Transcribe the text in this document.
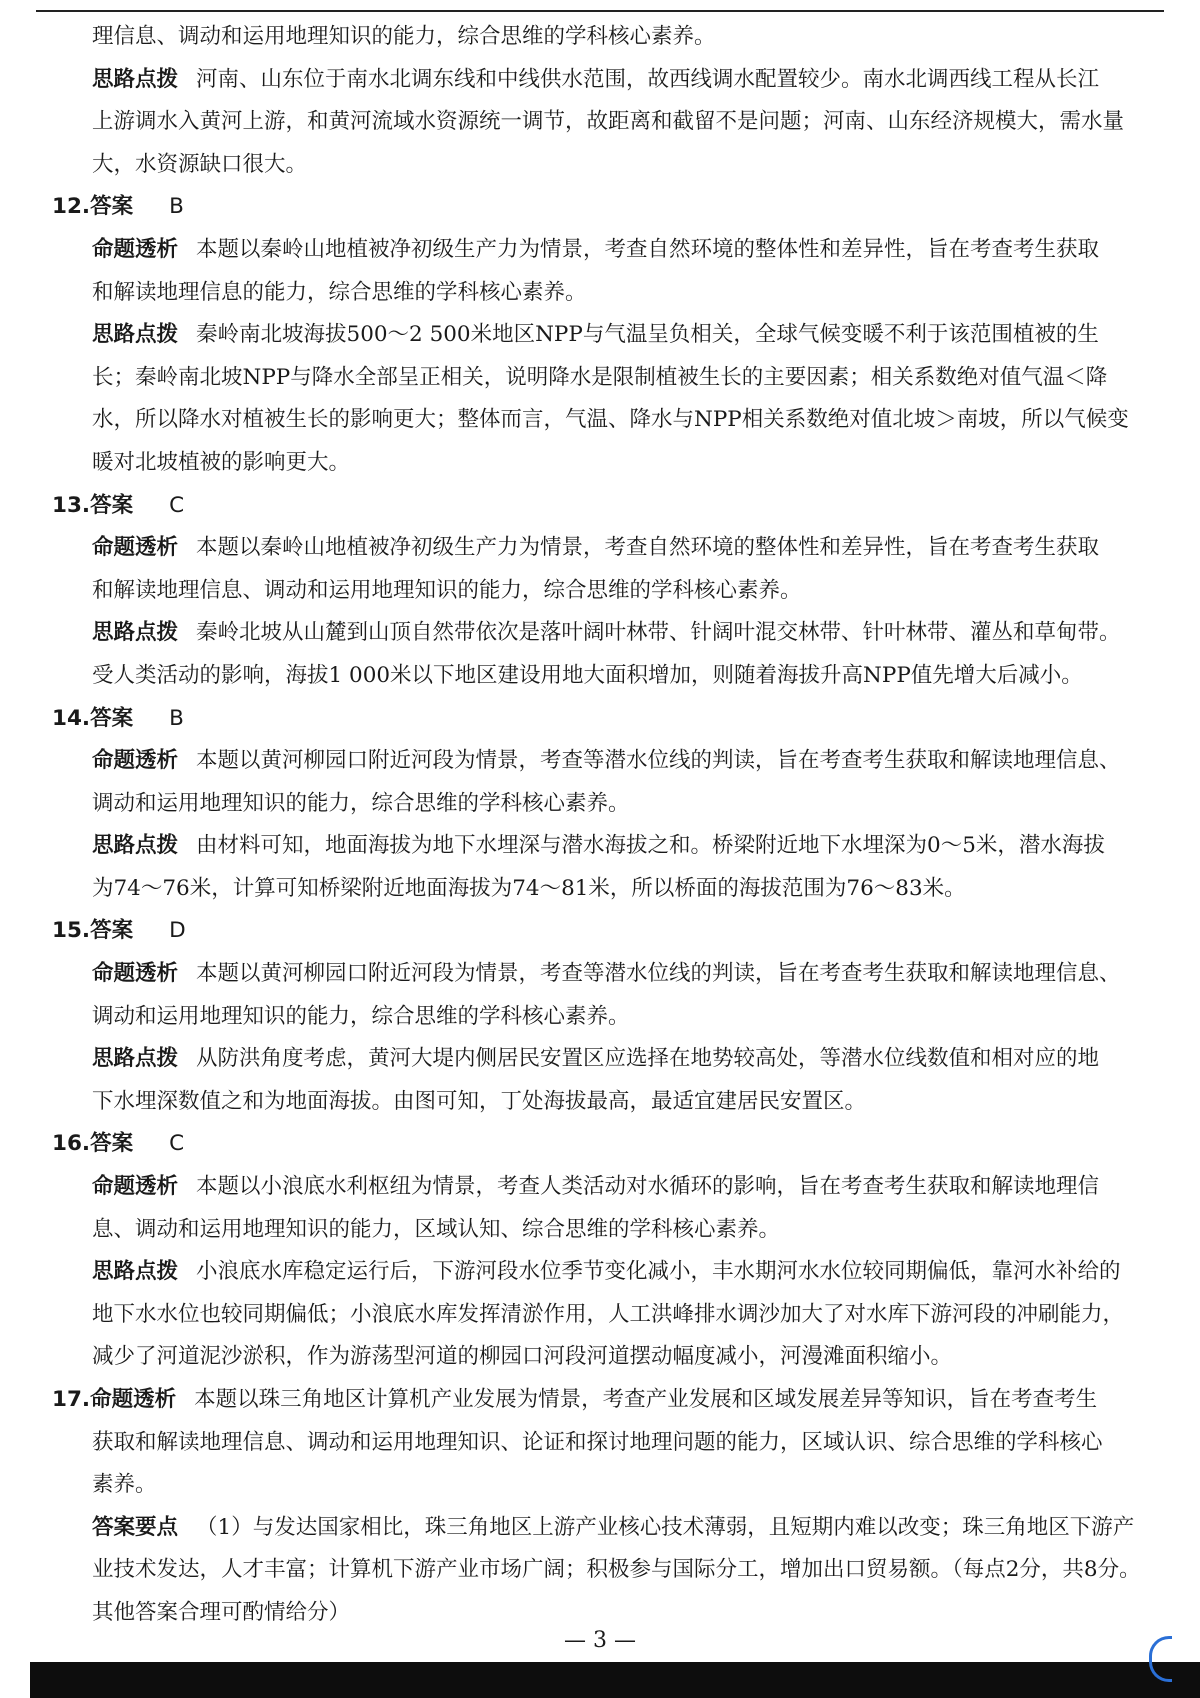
理信息、调动和运用地理知识的能力，综合思维的学科核心素养。
思路点拨 河南、山东位于南水北调东线和中线供水范围，故西线调水配置较少。南水北调西线工程从长江
上游调水入黄河上游，和黄河流域水资源统一调节，故距离和截留不是问题；河南、山东经济规模大，需水量
大，水资源缺口很大。
12.答案 B
命题透析 本题以秦岭山地植被净初级生产力为情景，考查自然环境的整体性和差异性，旨在考查考生获取
和解读地理信息的能力，综合思维的学科核心素养。
思路点拨 秦岭南北坡海拔500～2 500米地区NPP与气温呈负相关，全球气候变暖不利于该范围植被的生
长；秦岭南北坡NPP与降水全部呈正相关，说明降水是限制植被生长的主要因素；相关系数绝对值气温＜降
水，所以降水对植被生长的影响更大；整体而言，气温、降水与NPP相关系数绝对值北坡＞南坡，所以气候变
暖对北坡植被的影响更大。
13.答案 C
命题透析 本题以秦岭山地植被净初级生产力为情景，考查自然环境的整体性和差异性，旨在考查考生获取
和解读地理信息、调动和运用地理知识的能力，综合思维的学科核心素养。
思路点拨 秦岭北坡从山麓到山顶自然带依次是落叶阔叶林带、针阔叶混交林带、针叶林带、灌丛和草甸带。
受人类活动的影响，海拔1 000米以下地区建设用地大面积增加，则随着海拔升高NPP值先增大后减小。
14.答案 B
命题透析 本题以黄河柳园口附近河段为情景，考查等潜水位线的判读，旨在考查考生获取和解读地理信息、
调动和运用地理知识的能力，综合思维的学科核心素养。
思路点拨 由材料可知，地面海拔为地下水埋深与潜水海拔之和。桥梁附近地下水埋深为0～5米，潜水海拔
为74～76米，计算可知桥梁附近地面海拔为74～81米，所以桥面的海拔范围为76～83米。
15.答案 D
命题透析 本题以黄河柳园口附近河段为情景，考查等潜水位线的判读，旨在考查考生获取和解读地理信息、
调动和运用地理知识的能力，综合思维的学科核心素养。
思路点拨 从防洪角度考虑，黄河大堤内侧居民安置区应选择在地势较高处，等潜水位线数值和相对应的地
下水埋深数值之和为地面海拔。由图可知，丁处海拔最高，最适宜建居民安置区。
16.答案 C
命题透析 本题以小浪底水利枢纽为情景，考查人类活动对水循环的影响，旨在考查考生获取和解读地理信
息、调动和运用地理知识的能力，区域认知、综合思维的学科核心素养。
思路点拨 小浪底水库稳定运行后，下游河段水位季节变化减小，丰水期河水水位较同期偏低，靠河水补给的
地下水水位也较同期偏低；小浪底水库发挥清淤作用，人工洪峰排水调沙加大了对水库下游河段的冲刷能力，
减少了河道泥沙淤积，作为游荡型河道的柳园口河段河道摆动幅度减小，河漫滩面积缩小。
17.命题透析 本题以珠三角地区计算机产业发展为情景，考查产业发展和区域发展差异等知识，旨在考查考生
获取和解读地理信息、调动和运用地理知识、论证和探讨地理问题的能力，区域认识、综合思维的学科核心
素养。
答案要点 （1）与发达国家相比，珠三角地区上游产业核心技术薄弱，且短期内难以改变；珠三角地区下游产
业技术发达，人才丰富；计算机下游产业市场广阔；积极参与国际分工，增加出口贸易额。（每点2分，共8分。
其他答案合理可酌情给分）
— 3 —
